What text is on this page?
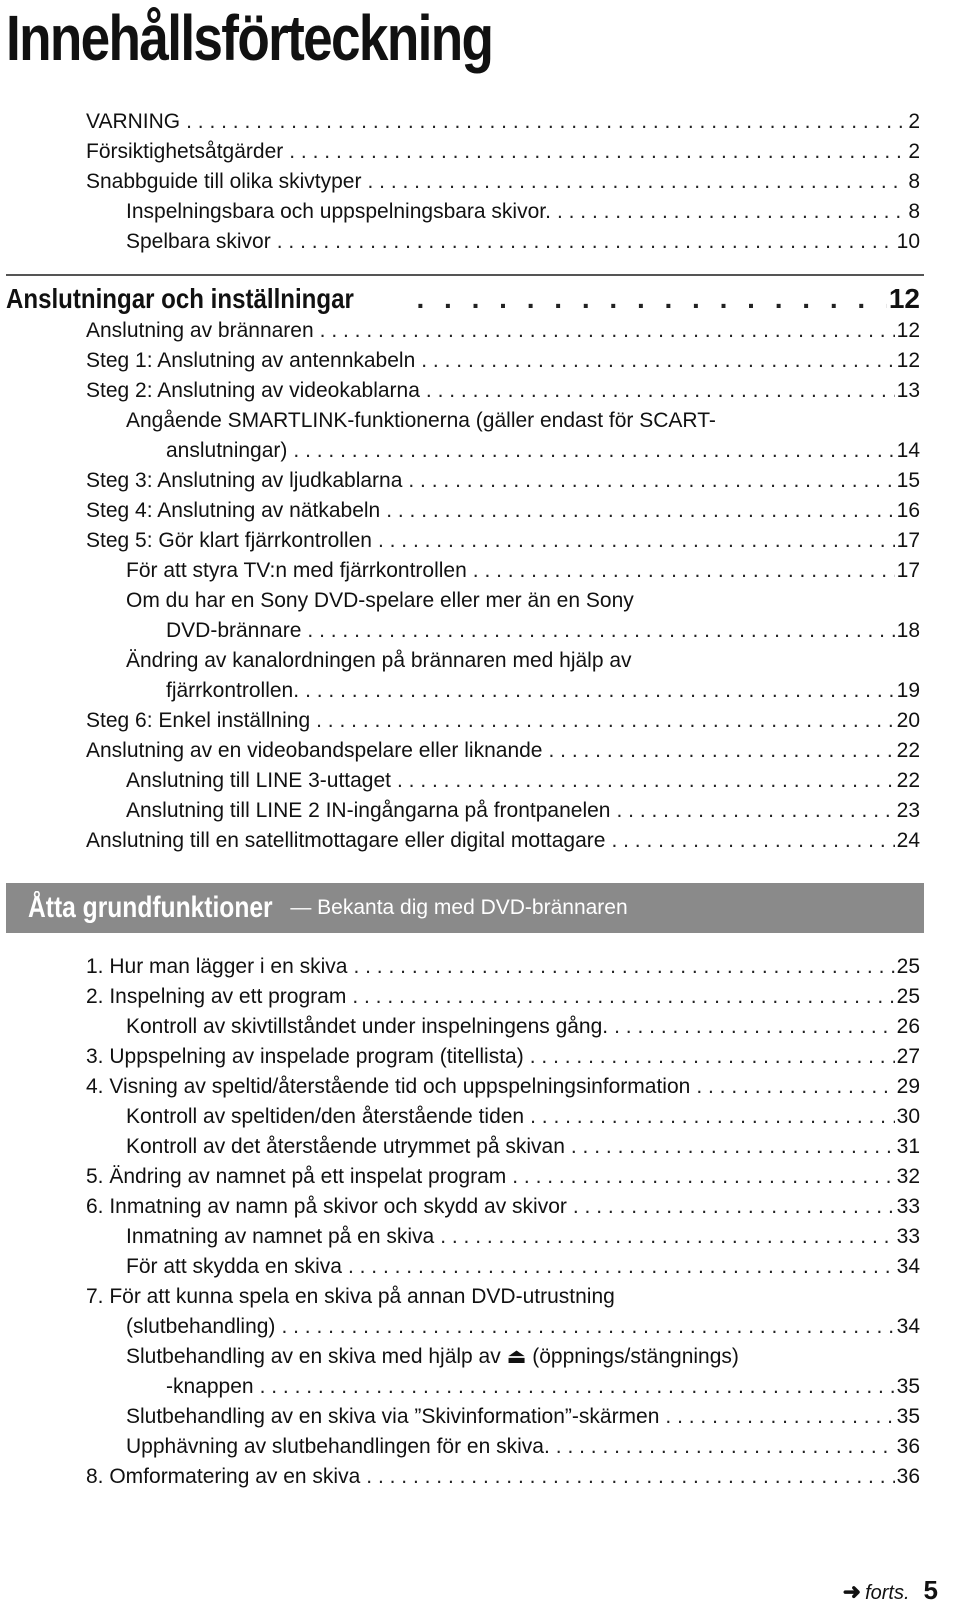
Innehållsförteckning
VARNING . . .	2
Försiktighetsåtgärder . . .	2
Snabbguide till olika skivtyper . . .	8
Inspelningsbara och uppspelningsbara skivor. . . .	8
Spelbara skivor . . .	10
Anslutningar och inställningar . . .	12
Anslutning av brännaren . . .	12
Steg 1: Anslutning av antennkabeln . . .	12
Steg 2: Anslutning av videokablarna . . .	13
Angående SMARTLINK-funktionerna (gäller endast för SCART-
anslutningar) . . .	14
Steg 3: Anslutning av ljudkablarna . . .	15
Steg 4: Anslutning av nätkabeln . . .	16
Steg 5: Gör klart fjärrkontrollen . . .	17
För att styra TV:n med fjärrkontrollen . . .	17
Om du har en Sony DVD-spelare eller mer än en Sony
DVD-brännare . . .	18
Ändring av kanalordningen på brännaren med hjälp av
fjärrkontrollen. . . .	19
Steg 6: Enkel inställning . . .	20
Anslutning av en videobandspelare eller liknande . . .	22
Anslutning till LINE 3-uttaget . . .	22
Anslutning till LINE 2 IN-ingångarna på frontpanelen . . .	23
Anslutning till en satellitmottagare eller digital mottagare . . .	24
Åtta grundfunktioner — Bekanta dig med DVD-brännaren
1. Hur man lägger i en skiva . . .	25
2. Inspelning av ett program . . .	25
Kontroll av skivtillståndet under inspelningens gång. . . .	26
3. Uppspelning av inspelade program (titellista) . . .	27
4. Visning av speltid/återstående tid och uppspelningsinformation . . .	29
Kontroll av speltiden/den återstående tiden . . .	30
Kontroll av det återstående utrymmet på skivan . . .	31
5. Ändring av namnet på ett inspelat program . . .	32
6. Inmatning av namn på skivor och skydd av skivor . . .	33
Inmatning av namnet på en skiva . . .	33
För att skydda en skiva . . .	34
7. För att kunna spela en skiva på annan DVD-utrustning
(slutbehandling) . . .	34
Slutbehandling av en skiva med hjälp av ⏏ (öppnings/stängnings)
-knappen . . .	35
Slutbehandling av en skiva via ”Skivinformation”-skärmen . . .	35
Upphävning av slutbehandlingen för en skiva. . . .	36
8. Omformatering av en skiva . . .	36
➜ forts. 5
